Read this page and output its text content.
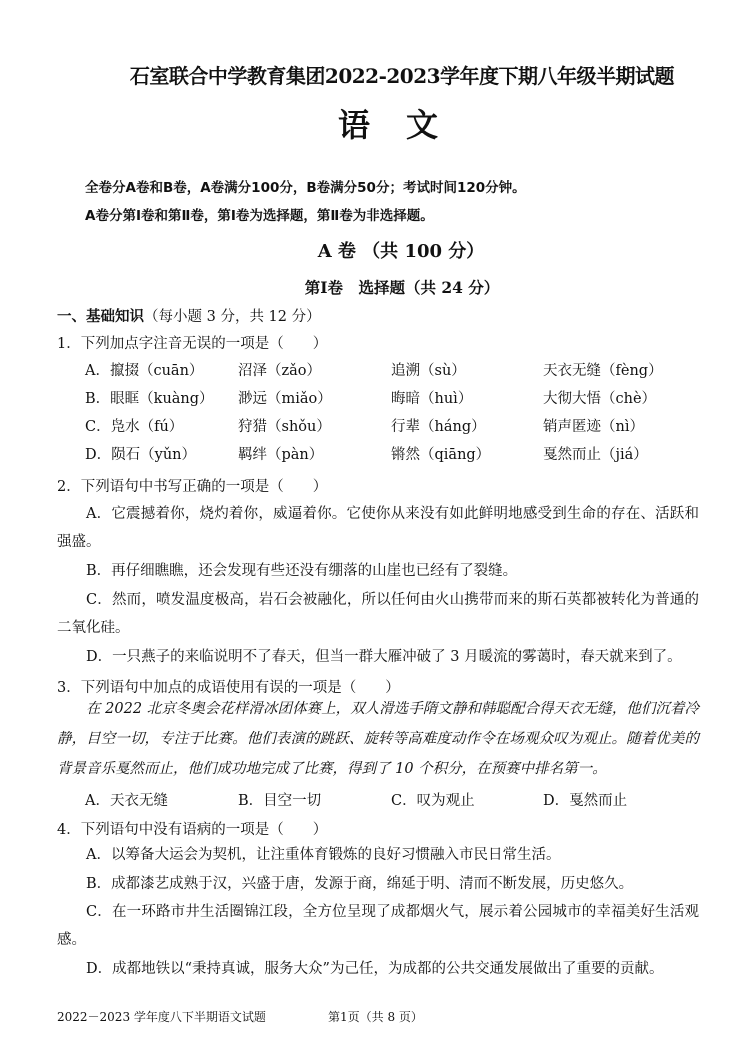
石室联合中学教育集团2022-2023学年度下期八年级半期试题
语 文
全卷分A卷和B卷，A卷满分100分，B卷满分50分；考试时间120分钟。
A卷分第Ⅰ卷和第Ⅱ卷，第Ⅰ卷为选择题，第Ⅱ卷为非选择题。
A 卷 （共 100 分）
第Ⅰ卷　选择题（共 24 分）
一、基础知识（每小题 3 分，共 12 分）
1．下列加点字注音无误的一项是（　　）
A．攛掇（cuān） 沼泽（zǎo）	追溯（sù）	天衣无缝（fèng）
B．眼眶（kuàng） 渺远（miǎo）	晦暗（huì）	大彻大悟（chè）
C．凫水（fú）	狩猎（shǒu）	行辈（háng）	销声匿迹（nì）
D．陨石（yǔn）	羁绊（pàn）	锵然（qiāng）	戛然而止（jiá）
2．下列语句中书写正确的一项是（　　）
A．它震撼着你，烧灼着你，威逼着你。它使你从来没有如此鲜明地感受到生命的存在、活跃和强盛。
B．再仔细瞧瞧，还会发现有些还没有绷落的山崖也已经有了裂缝。
C．然而，喷发温度极高，岩石会被融化，所以任何由火山携带而来的斯石英都被转化为普通的二氧化硅。
D．一只燕子的来临说明不了春天，但当一群大雁冲破了 3 月暖流的雾蔼时，春天就来到了。
3．下列语句中加点的成语使用有误的一项是（　　）
在 2022 北京冬奥会花样滑冰团体赛上，双人滑选手隋文静和韩聪配合得天衣无缝，他们沉着冷静，目空一切，专注于比赛。他们表演的跳跃、旋转等高难度动作令在场观众叹为观止。随着优美的背景音乐戛然而止，他们成功地完成了比赛，得到了 10 个积分，在预赛中排名第一。
A．天衣无缝	B．目空一切	C．叹为观止	D．戛然而止
4．下列语句中没有语病的一项是（　　）
A．以筹备大运会为契机，让注重体育锻炼的良好习惯融入市民日常生活。
B．成都漆艺成熟于汉，兴盛于唐，发源于商，绵延于明、清而不断发展，历史悠久。
C．在一环路市井生活圈锦江段，全方位呈现了成都烟火气，展示着公园城市的幸福美好生活观感。
D．成都地铁以“秉持真诚，服务大众”为己任，为成都的公共交通发展做出了重要的贡献。
2022－2023 学年度八下半期语文试题	第1页（共 8 页）
